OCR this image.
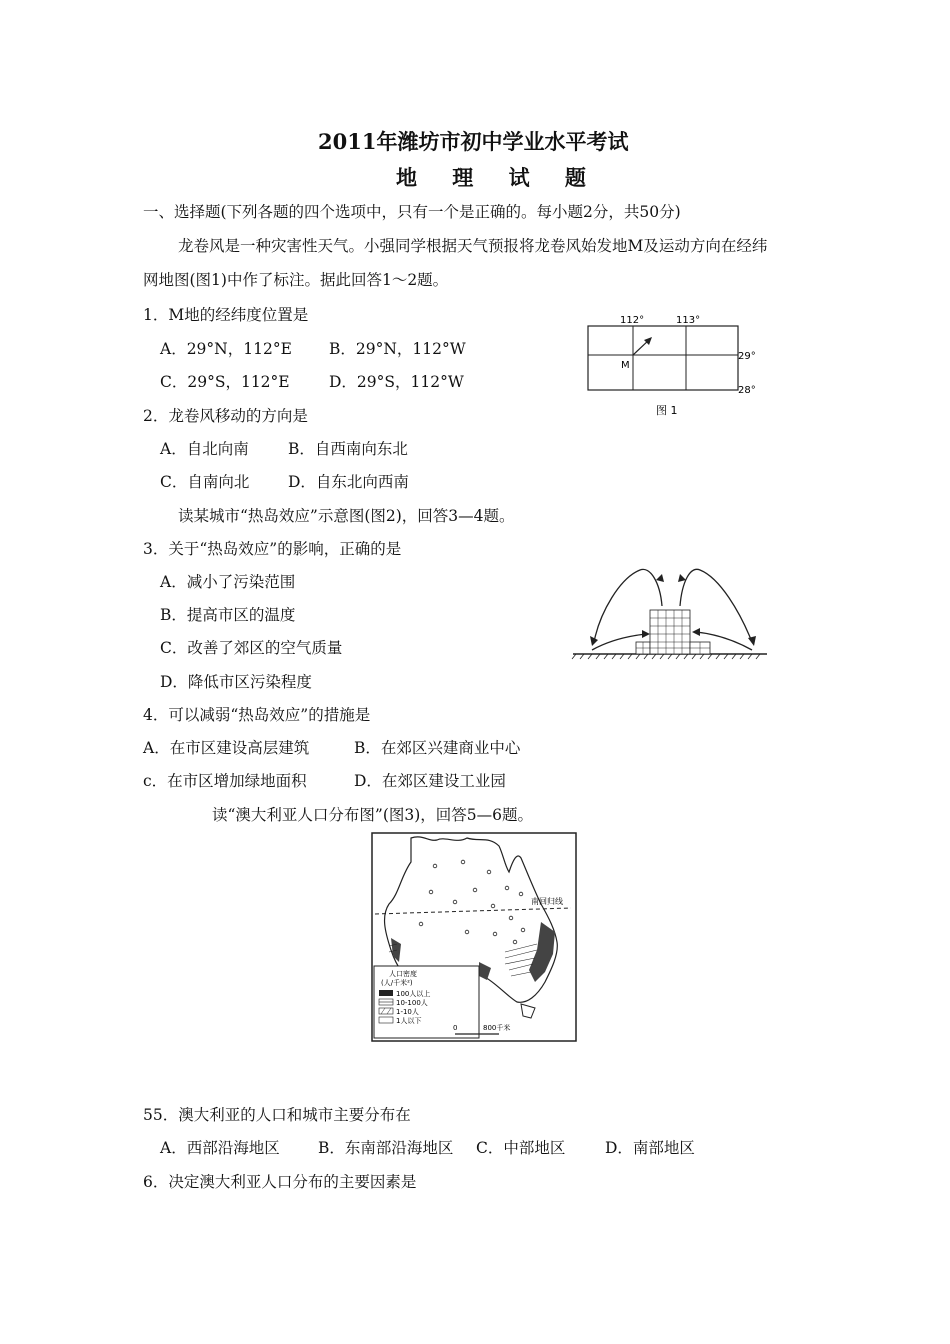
2011年潍坊市初中学业水平考试
地 理 试 题
一、选择题(下列各题的四个选项中，只有一个是正确的。每小题2分，共50分)
龙卷风是一种灾害性天气。小强同学根据天气预报将龙卷风始发地M及运动方向在经纬
网地图(图1)中作了标注。据此回答1～2题。
1．M地的经纬度位置是
A．29°N，112°E B．29°N，112°W
C．29°S，112°E	D．29°S，112°W
2．龙卷风移动的方向是
A．自北向南	B．自西南向东北
C．自南向北 D．自东北向西南
读某城市“热岛效应”示意图(图2)，回答3—4题。
3．关于“热岛效应”的影响，正确的是
A．减小了污染范围
B．提高市区的温度
C．改善了郊区的空气质量
D．降低市区污染程度
4．可以减弱“热岛效应”的措施是
A．在市区建设高层建筑	B．在郊区兴建商业中心
c．在市区增加绿地面积	D．在郊区建设工业园
读“澳大利亚人口分布图”(图3)，回答5—6题。
55．澳大利亚的人口和城市主要分布在
A．西部沿海地区 B．东南部沿海地区 C．中部地区	D．南部地区
6．决定澳大利亚人口分布的主要因素是
112°	113°
29°
28°
M
图 1
南回归线
人口密度
(人/千米²)
100人以上
10-100人
1-10人
1人以下
0	800千米
